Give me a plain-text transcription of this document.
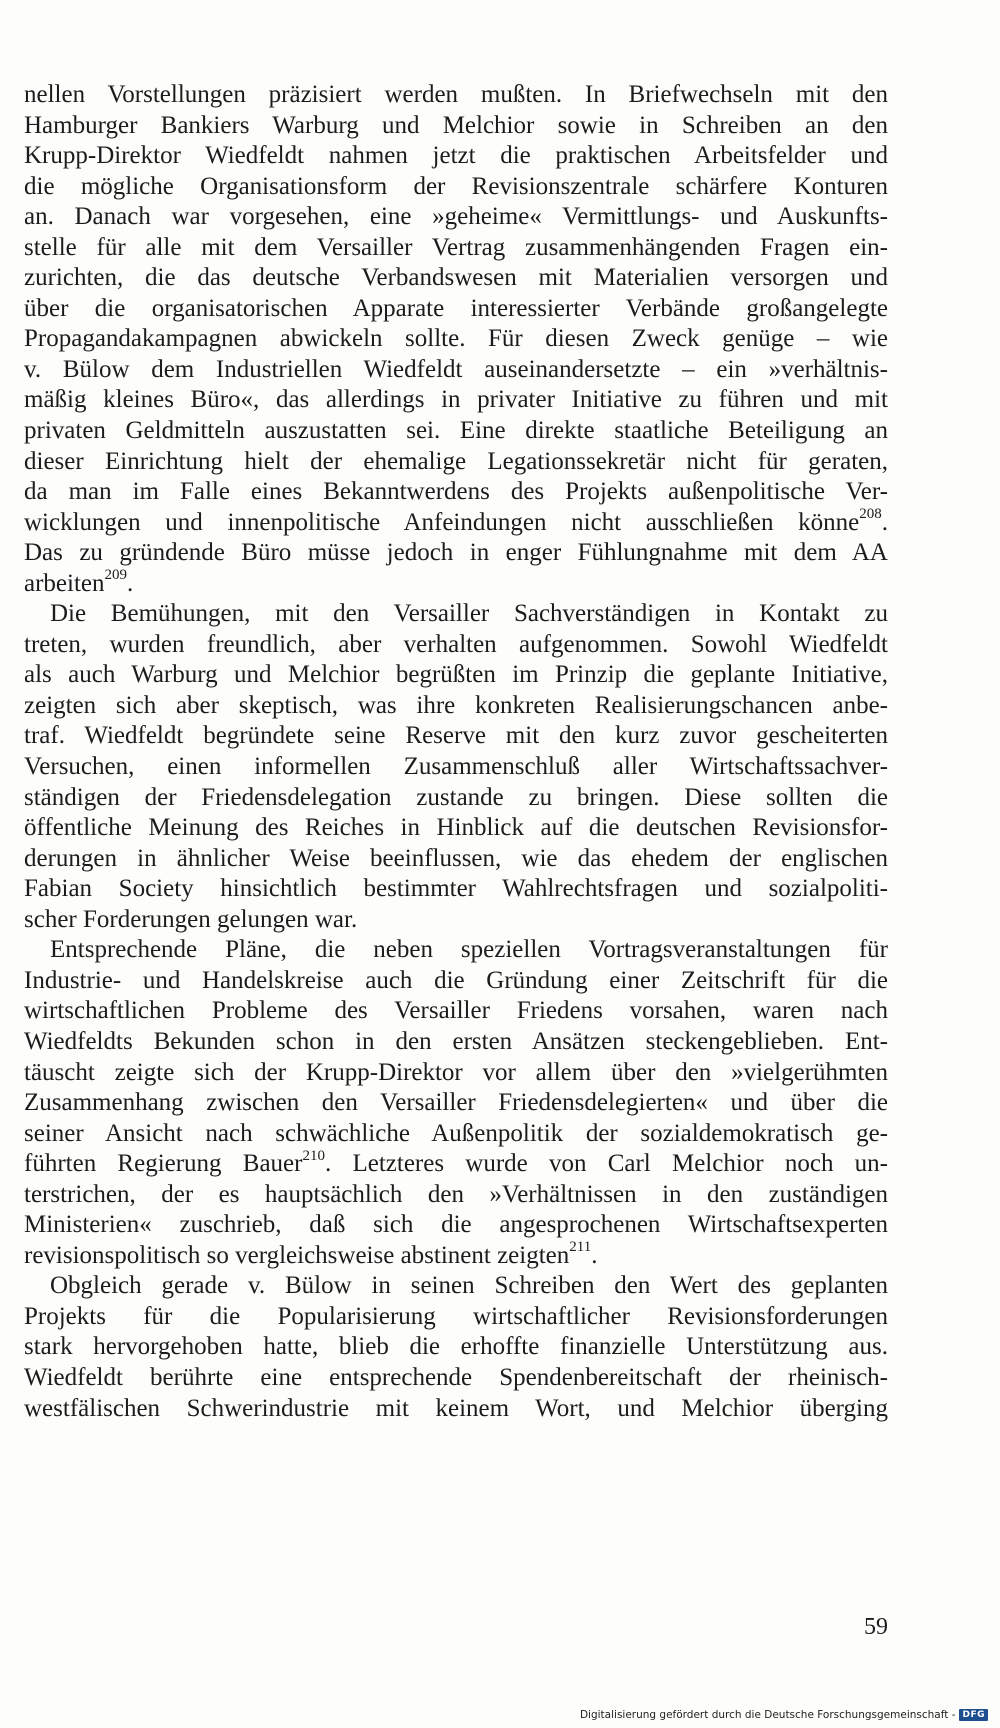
nellen Vorstellungen präzisiert werden mußten. In Briefwechseln mit den

Hamburger Bankiers Warburg und Melchior sowie in Schreiben an den

Krupp-Direktor Wiedfeldt nahmen jetzt die praktischen Arbeitsfelder und

die mögliche Organisationsform der Revisionszentrale schärfere Konturen

an. Danach war vorgesehen, eine »geheime« Vermittlungs- und Auskunfts-

stelle für alle mit dem Versailler Vertrag zusammenhängenden Fragen ein-

zurichten, die das deutsche Verbandswesen mit Materialien versorgen und

über die organisatorischen Apparate interessierter Verbände großangelegte

Propagandakampagnen abwickeln sollte. Für diesen Zweck genüge – wie

v. Bülow dem Industriellen Wiedfeldt auseinandersetzte – ein »verhältnis-

mäßig kleines Büro«, das allerdings in privater Initiative zu führen und mit

privaten Geldmitteln auszustatten sei. Eine direkte staatliche Beteiligung an

dieser Einrichtung hielt der ehemalige Legationssekretär nicht für geraten,

da man im Falle eines Bekanntwerdens des Projekts außenpolitische Ver-

wicklungen und innenpolitische Anfeindungen nicht ausschließen könne$^{208}$.

Das zu gründende Büro müsse jedoch in enger Fühlungnahme mit dem AA

arbeiten$^{209}$.

Die Bemühungen, mit den Versailler Sachverständigen in Kontakt zu

treten, wurden freundlich, aber verhalten aufgenommen. Sowohl Wiedfeldt

als auch Warburg und Melchior begrüßten im Prinzip die geplante Initiative,

zeigten sich aber skeptisch, was ihre konkreten Realisierungschancen anbe-

traf. Wiedfeldt begründete seine Reserve mit den kurz zuvor gescheiterten

Versuchen, einen informellen Zusammenschluß aller Wirtschaftssachver-

ständigen der Friedensdelegation zustande zu bringen. Diese sollten die

öffentliche Meinung des Reiches in Hinblick auf die deutschen Revisionsfor-

derungen in ähnlicher Weise beeinflussen, wie das ehedem der englischen

Fabian Society hinsichtlich bestimmter Wahlrechtsfragen und sozialpoliti-

scher Forderungen gelungen war.

Entsprechende Pläne, die neben speziellen Vortragsveranstaltungen für

Industrie- und Handelskreise auch die Gründung einer Zeitschrift für die

wirtschaftlichen Probleme des Versailler Friedens vorsahen, waren nach

Wiedfeldts Bekunden schon in den ersten Ansätzen steckengeblieben. Ent-

täuscht zeigte sich der Krupp-Direktor vor allem über den »vielgerühmten

Zusammenhang zwischen den Versailler Friedensdelegierten« und über die

seiner Ansicht nach schwächliche Außenpolitik der sozialdemokratisch ge-

führten Regierung Bauer$^{210}$. Letzteres wurde von Carl Melchior noch un-

terstrichen, der es hauptsächlich den »Verhältnissen in den zuständigen

Ministerien« zuschrieb, daß sich die angesprochenen Wirtschaftsexperten

revisionspolitisch so vergleichsweise abstinent zeigten$^{211}$.

Obgleich gerade v. Bülow in seinen Schreiben den Wert des geplanten

Projekts für die Popularisierung wirtschaftlicher Revisionsforderungen

stark hervorgehoben hatte, blieb die erhoffte finanzielle Unterstützung aus.

Wiedfeldt berührte eine entsprechende Spendenbereitschaft der rheinisch-

westfälischen Schwerindustrie mit keinem Wort, und Melchior überging

59
Digitalisierung gefördert durch die Deutsche Forschungsgemeinschaft - DFG
